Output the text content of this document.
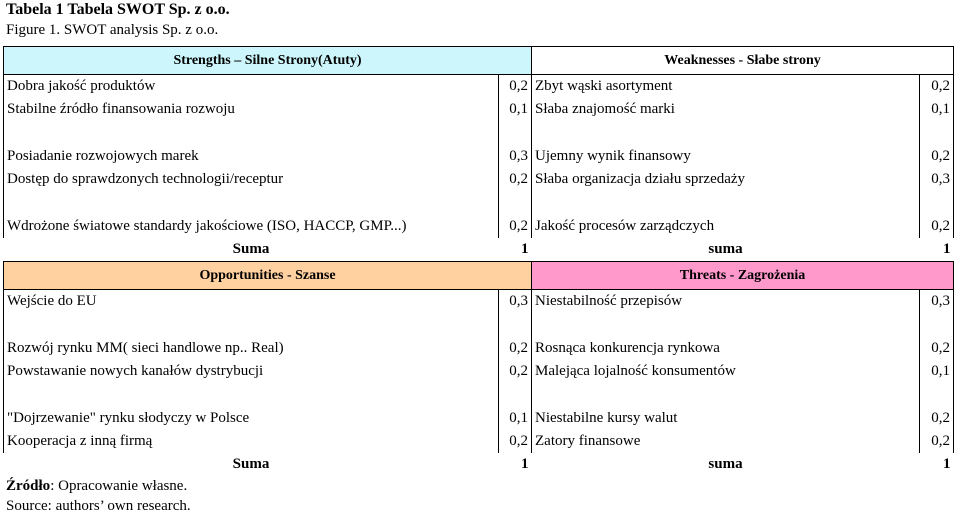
Tabela 1 Tabela SWOT Sp. z o.o.
Figure 1. SWOT analysis Sp. z o.o.
Strengths – Silne Strony(Atuty)		Weaknesses - Słabe strony	
Dobra jakość produktów	0,2	Zbyt wąski asortyment	0,2
Stabilne źródło finansowania rozwoju	0,1	Słaba znajomość marki	0,1

Posiadanie rozwojowych marek	0,3	Ujemny wynik finansowy	0,2
Dostęp do sprawdzonych technologii/receptur	0,2	Słaba organizacja działu sprzedaży	0,3

Wdrożone światowe standardy jakościowe (ISO, HACCP, GMP...)	0,2	Jakość procesów zarządczych	0,2
Suma	1	suma	1
Opportunities - Szanse		Threats - Zagrożenia	
Wejście do EU	0,3	Niestabilność przepisów	0,3

Rozwój rynku MM( sieci handlowe np.. Real)	0,2	Rosnąca konkurencja rynkowa	0,2
Powstawanie nowych kanałów dystrybucji	0,2	Malejąca lojalność konsumentów	0,1

"Dojrzewanie" rynku słodyczy w Polsce	0,1	Niestabilne kursy walut	0,2
Kooperacja z inną firmą	0,2	Zatory finansowe	0,2
Suma	1	suma	1
Źródło: Opracowanie własne.
Source: authors’ own research.
